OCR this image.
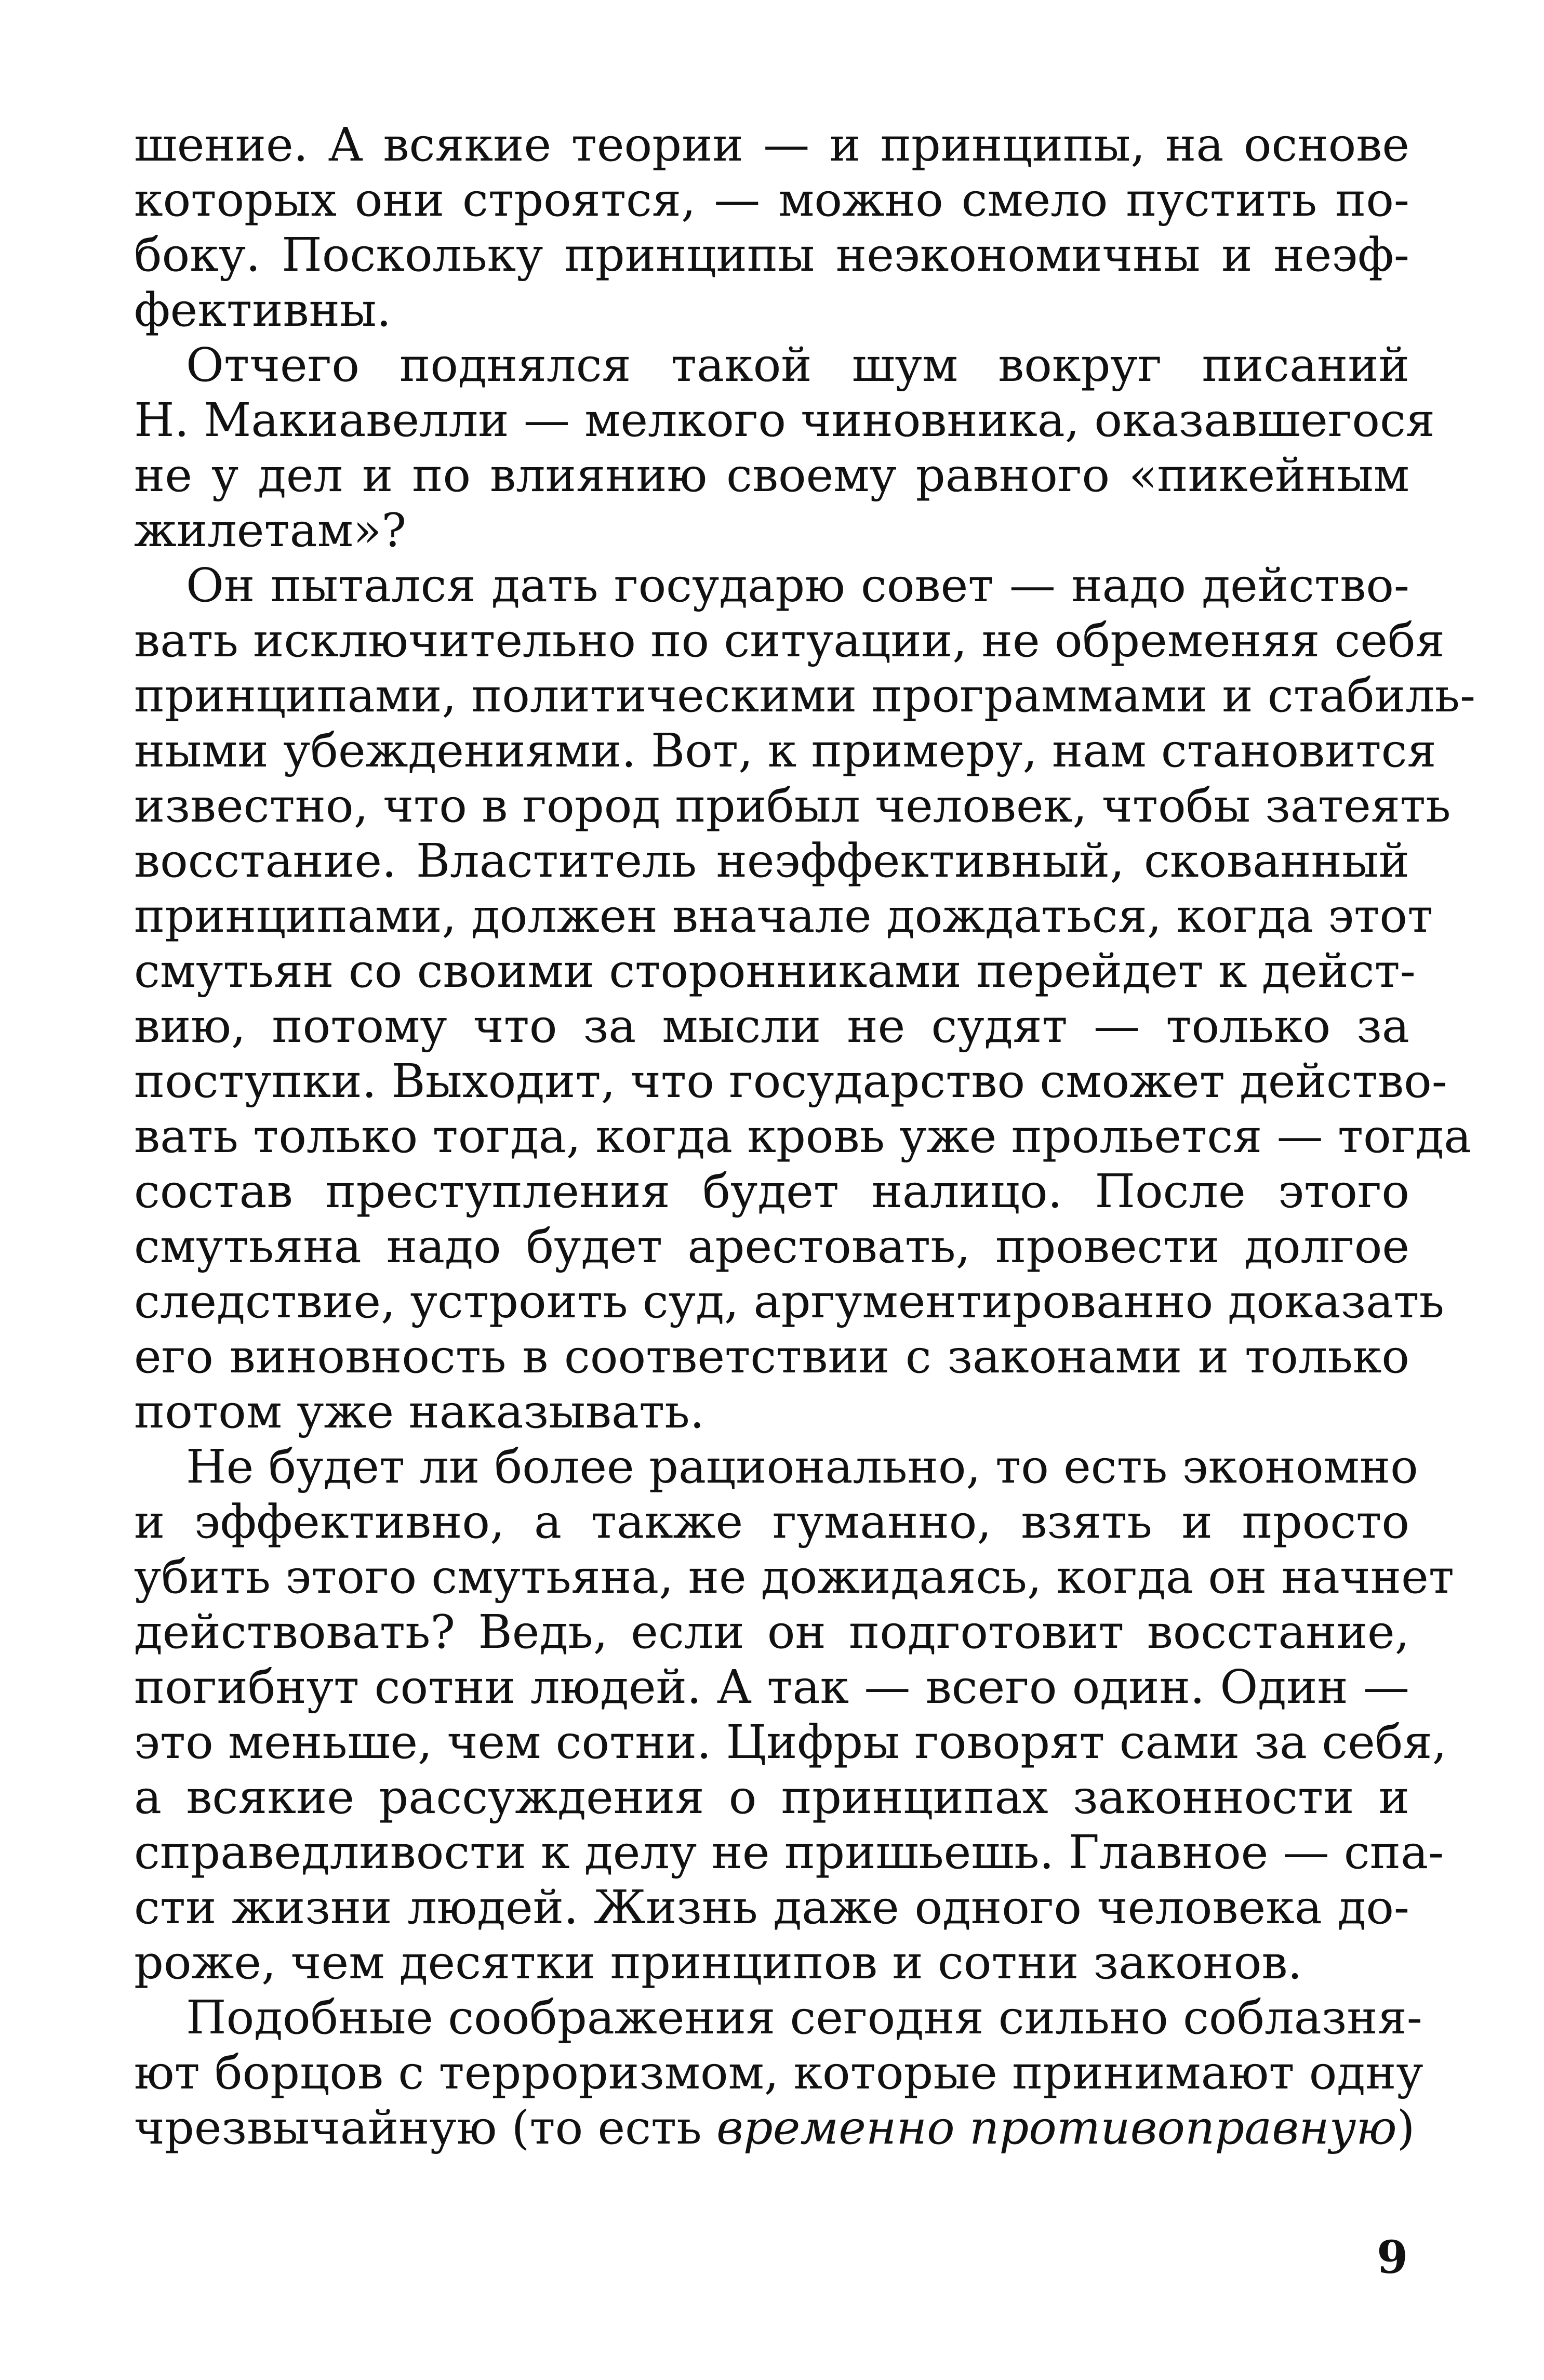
шение. А всякие теории — и принципы, на основе
которых они строятся, — можно смело пустить по-
боку. Поскольку принципы неэкономичны и неэф-
фективны.
Отчего поднялся такой шум вокруг писаний
Н. Макиавелли — мелкого чиновника, оказавшегося
не у дел и по влиянию своему равного «пикейным
жилетам»?
Он пытался дать государю совет — надо действо-
вать исключительно по ситуации, не обременяя себя
принципами, политическими программами и стабиль-
ными убеждениями. Вот, к примеру, нам становится
известно, что в город прибыл человек, чтобы затеять
восстание. Властитель неэффективный, скованный
принципами, должен вначале дождаться, когда этот
смутьян со своими сторонниками перейдет к дейст-
вию, потому что за мысли не судят — только за
поступки. Выходит, что государство сможет действо-
вать только тогда, когда кровь уже прольется — тогда
состав преступления будет налицо. После этого
смутьяна надо будет арестовать, провести долгое
следствие, устроить суд, аргументированно доказать
его виновность в соответствии с законами и только
потом уже наказывать.
Не будет ли более рационально, то есть экономно
и эффективно, а также гуманно, взять и просто
убить этого смутьяна, не дожидаясь, когда он начнет
действовать? Ведь, если он подготовит восстание,
погибнут сотни людей. А так — всего один. Один —
это меньше, чем сотни. Цифры говорят сами за себя,
а всякие рассуждения о принципах законности и
справедливости к делу не пришьешь. Главное — спа-
сти жизни людей. Жизнь даже одного человека до-
роже, чем десятки принципов и сотни законов.
Подобные соображения сегодня сильно соблазня-
ют борцов с терроризмом, которые принимают одну
чрезвычайную (то есть временно противоправную)
9
